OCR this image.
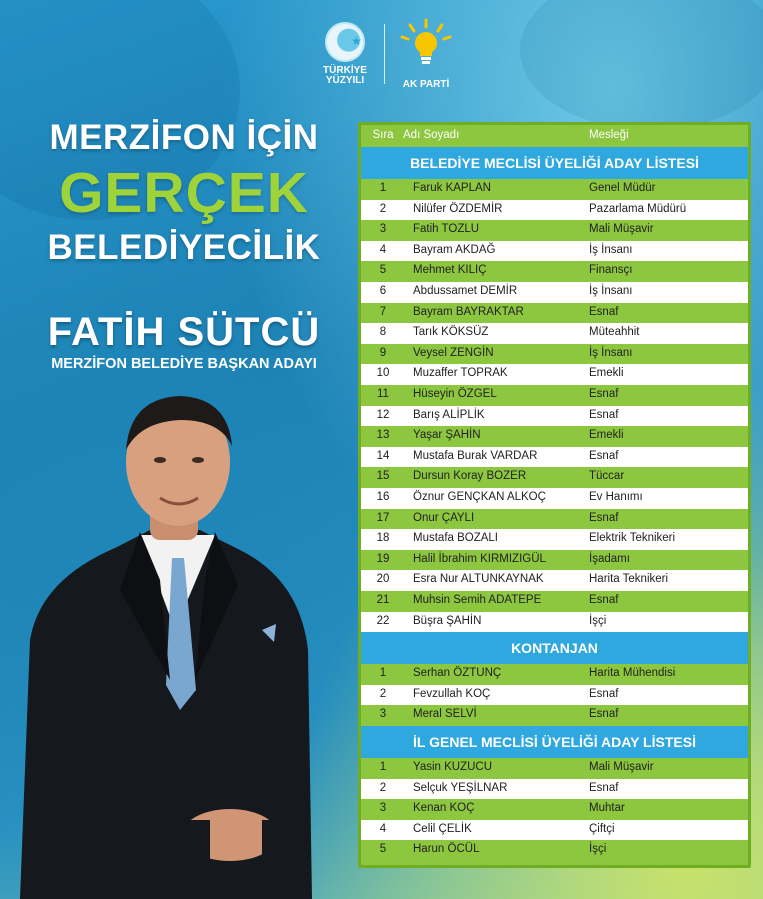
★
TÜRKİYE
YÜZYILI	AK PARTİ
MERZİFON İÇİN
GERÇEK
BELEDİYECİLİK
FATİH SÜTCÜ
MERZİFON BELEDİYE BAŞKAN ADAYI
Sıra Adı Soyadı	Mesleği
BELEDİYE MECLİSİ ÜYELİĞİ ADAY LİSTESİ
1	Faruk KAPLAN	Genel Müdür
2	Nilüfer ÖZDEMİR	Pazarlama Müdürü
3	Fatih TOZLU	Mali Müşavir
4	Bayram AKDAĞ	İş İnsanı
5	Mehmet KILIÇ	Finansçı
6	Abdussamet DEMİR	İş İnsanı
7	Bayram BAYRAKTAR	Esnaf
8	Tarık KÖKSÜZ	Müteahhit
9	Veysel ZENGİN	İş İnsanı
10	Muzaffer TOPRAK	Emekli
11	Hüseyin ÖZGEL	Esnaf
12	Barış ALİPLİK	Esnaf
13	Yaşar ŞAHİN	Emekli
14	Mustafa Burak VARDAR	Esnaf
15	Dursun Koray BOZER	Tüccar
16	Öznur GENÇKAN ALKOÇ	Ev Hanımı
17	Onur ÇAYLI	Esnaf
18	Mustafa BOZALI	Elektrik Teknikeri
19	Halil İbrahim KIRMIZIGÜL	İşadamı
20	Esra Nur ALTUNKAYNAK	Harita Teknikeri
21	Muhsin Semih ADATEPE	Esnaf
22	Büşra ŞAHİN	İşçi
KONTANJAN
1	Serhan ÖZTUNÇ	Harita Mühendisi
2	Fevzullah KOÇ	Esnaf
3	Meral SELVİ	Esnaf
İL GENEL MECLİSİ ÜYELİĞİ ADAY LİSTESİ
1	Yasin KUZUCU	Mali Müşavir
2	Selçuk YEŞİLNAR	Esnaf
3	Kenan KOÇ	Muhtar
4	Celil ÇELİK	Çiftçi
5	Harun ÖCÜL	İşçi
